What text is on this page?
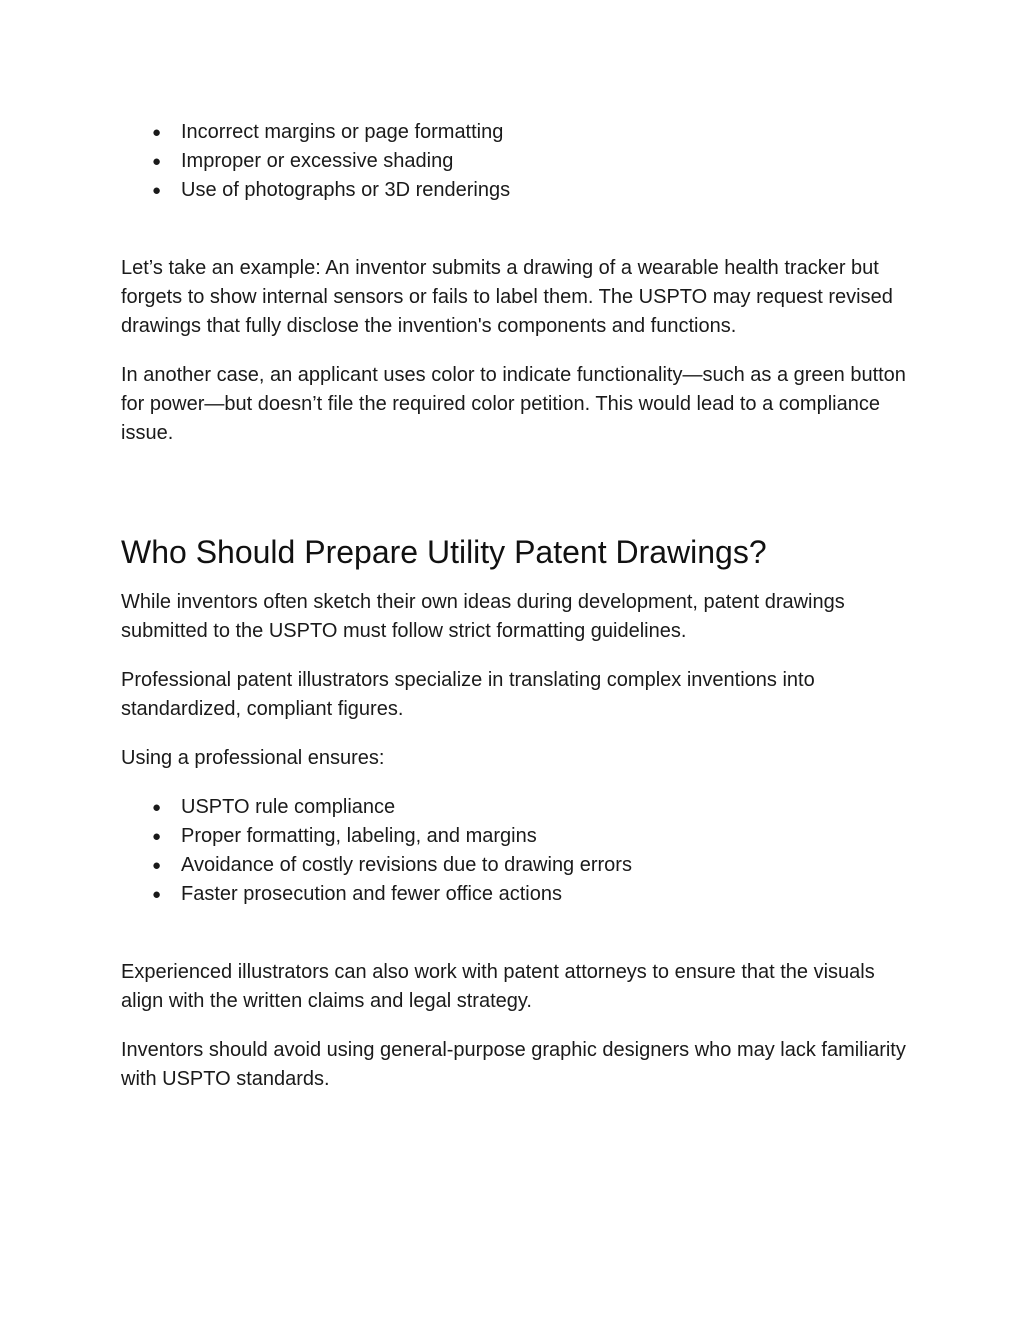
● Incorrect margins or page formatting
● Improper or excessive shading
● Use of photographs or 3D renderings

Let’s take an example: An inventor submits a drawing of a wearable health tracker but forgets to show internal sensors or fails to label them. The USPTO may request revised drawings that fully disclose the invention's components and functions.

In another case, an applicant uses color to indicate functionality—such as a green button for power—but doesn’t file the required color petition. This would lead to a compliance issue.

Who Should Prepare Utility Patent Drawings?

While inventors often sketch their own ideas during development, patent drawings submitted to the USPTO must follow strict formatting guidelines.

Professional patent illustrators specialize in translating complex inventions into standardized, compliant figures.

Using a professional ensures:

● USPTO rule compliance
● Proper formatting, labeling, and margins
● Avoidance of costly revisions due to drawing errors
● Faster prosecution and fewer office actions

Experienced illustrators can also work with patent attorneys to ensure that the visuals align with the written claims and legal strategy.

Inventors should avoid using general-purpose graphic designers who may lack familiarity with USPTO standards.
